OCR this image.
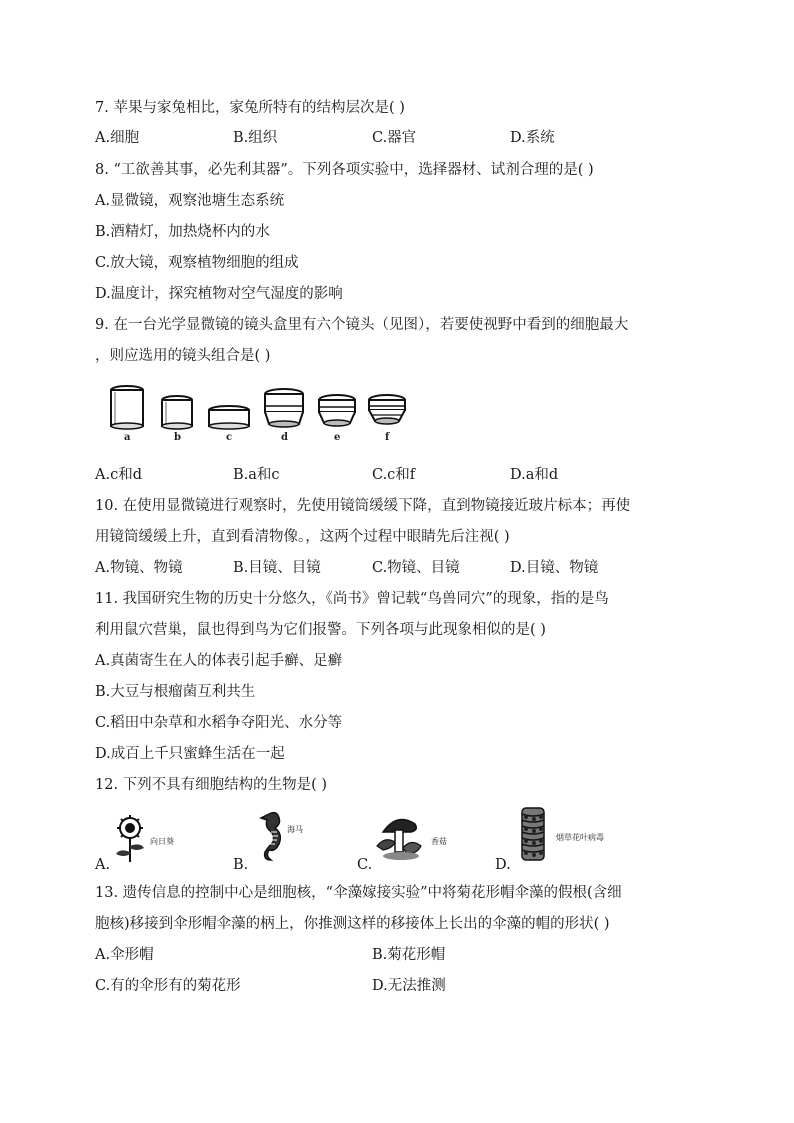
7. 苹果与家兔相比，家兔所特有的结构层次是( )
A.细胞	B.组织	C.器官	D.系统
8. “工欲善其事，必先利其器”。下列各项实验中，选择器材、试剂合理的是( )
A.显微镜，观察池塘生态系统
B.酒精灯，加热烧杯内的水
C.放大镜，观察植物细胞的组成
D.温度计，探究植物对空气湿度的影响
9. 在一台光学显微镜的镜头盒里有六个镜头（见图），若要使视野中看到的细胞最大
，则应选用的镜头组合是( )
a	b	c	d	e	f
A.c和d	B.a和c	C.c和f	D.a和d
10. 在使用显微镜进行观察时，先使用镜筒缓缓下降，直到物镜接近玻片标本；再使
用镜筒缓缓上升，直到看清物像。，这两个过程中眼睛先后注视( )
A.物镜、物镜	B.目镜、目镜	C.物镜、目镜	D.目镜、物镜
11. 我国研究生物的历史十分悠久，《尚书》曾记载“鸟兽同穴”的现象，指的是鸟
利用鼠穴营巢，鼠也得到鸟为它们报警。下列各项与此现象相似的是( )
A.真菌寄生在人的体表引起手癣、足癣
B.大豆与根瘤菌互利共生
C.稻田中杂草和水稻争夺阳光、水分等
D.成百上千只蜜蜂生活在一起
12. 下列不具有细胞结构的生物是( )
A.
向日葵
B.
海马
C.
香菇
D.
烟草花叶病毒
13. 遗传信息的控制中心是细胞核，“伞藻嫁接实验”中将菊花形帽伞藻的假根(含细
胞核)移接到伞形帽伞藻的柄上，你推测这样的移接体上长出的伞藻的帽的形状( )
A.伞形帽	B.菊花形帽
C.有的伞形有的菊花形	D.无法推测
